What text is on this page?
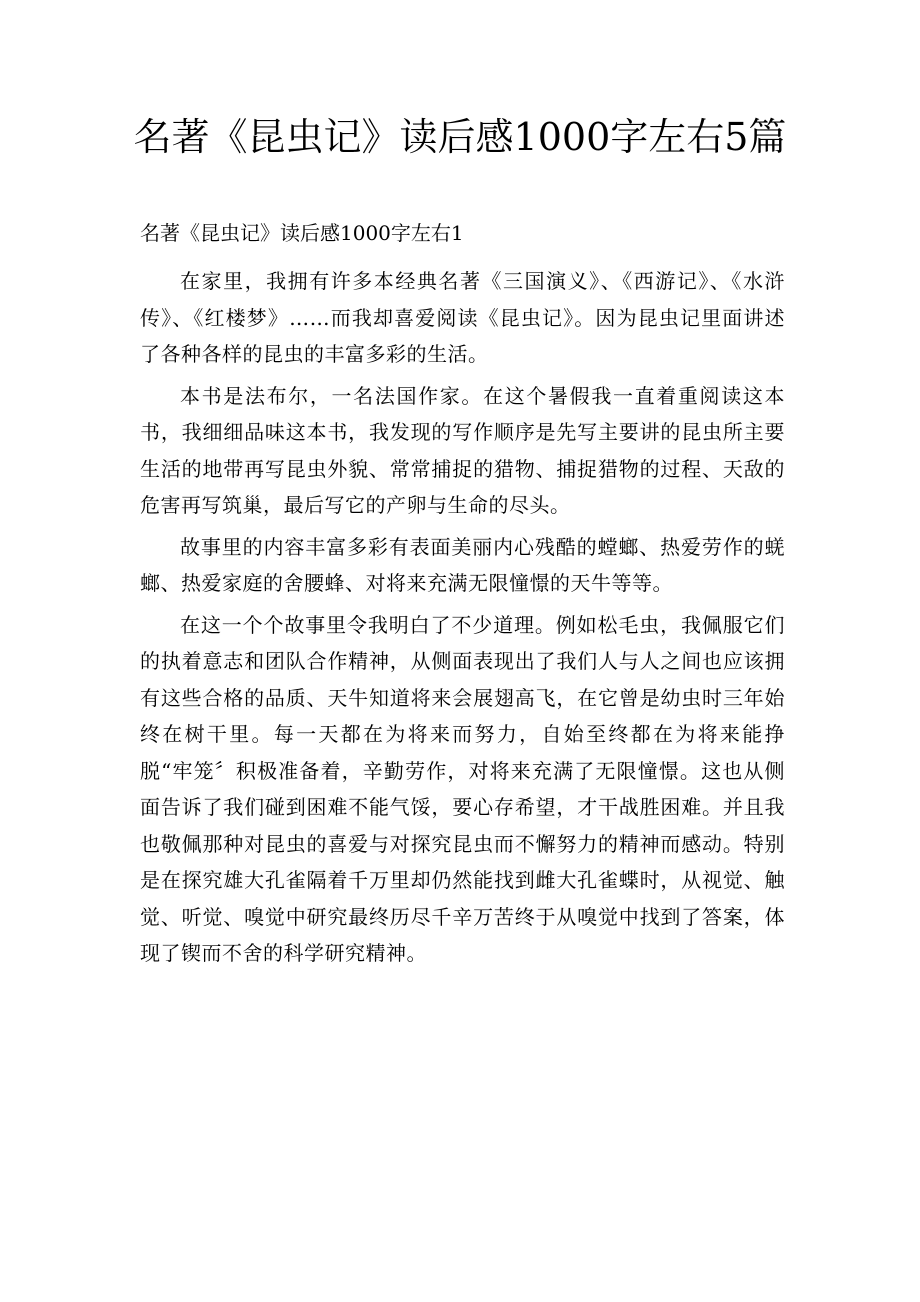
名著《昆虫记》读后感1000字左右5篇

名著《昆虫记》读后感1000字左右1

在家里，我拥有许多本经典名著《三国演义》、《西游记》、《水浒传》、《红楼梦》……而我却喜爱阅读《昆虫记》。因为昆虫记里面讲述了各种各样的昆虫的丰富多彩的生活。

本书是法布尔，一名法国作家。在这个暑假我一直着重阅读这本书，我细细品味这本书，我发现的写作顺序是先写主要讲的昆虫所主要生活的地带再写昆虫外貌、常常捕捉的猎物、捕捉猎物的过程、天敌的危害再写筑巢，最后写它的产卵与生命的尽头。

故事里的内容丰富多彩有表面美丽内心残酷的螳螂、热爱劳作的蜣螂、热爱家庭的舍腰蜂、对将来充满无限憧憬的天牛等等。

在这一个个故事里令我明白了不少道理。例如松毛虫，我佩服它们的执着意志和团队合作精神，从侧面表现出了我们人与人之间也应该拥有这些合格的品质、天牛知道将来会展翅高飞，在它曾是幼虫时三年始终在树干里。每一天都在为将来而努力，自始至终都在为将来能挣脱“牢笼〞积极准备着，辛勤劳作，对将来充满了无限憧憬。这也从侧面告诉了我们碰到困难不能气馁，要心存希望，才干战胜困难。并且我也敬佩那种对昆虫的喜爱与对探究昆虫而不懈努力的精神而感动。特别是在探究雄大孔雀隔着千万里却仍然能找到雌大孔雀蝶时，从视觉、触觉、听觉、嗅觉中研究最终历尽千辛万苦终于从嗅觉中找到了答案，体现了锲而不舍的科学研究精神。
